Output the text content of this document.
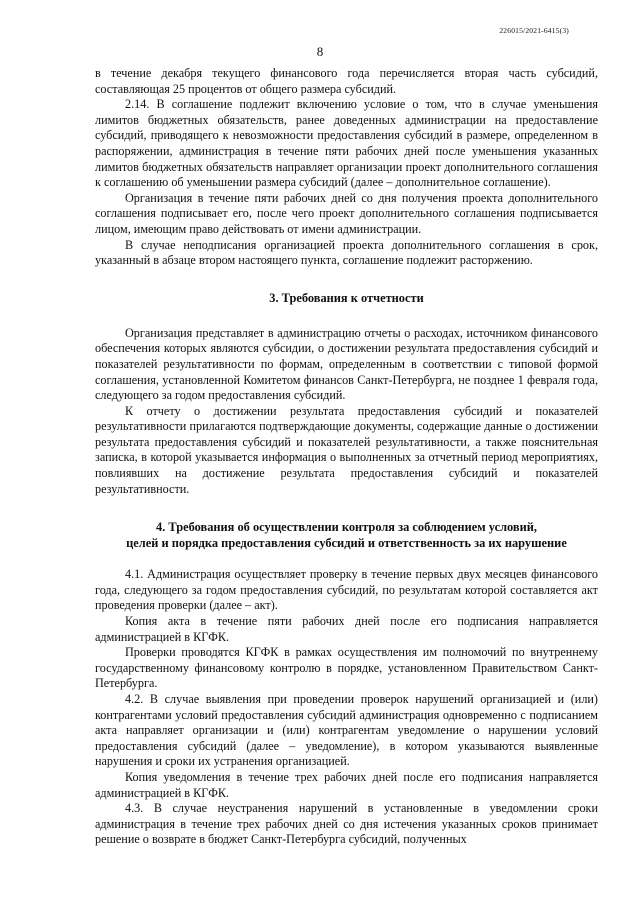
226015/2021-6415(3)
8

в течение декабря текущего финансового года перечисляется вторая часть субсидий, составляющая 25 процентов от общего размера субсидий.

2.14. В соглашение подлежит включению условие о том, что в случае уменьшения лимитов бюджетных обязательств, ранее доведенных администрации на предоставление субсидий, приводящего к невозможности предоставления субсидий в размере, определенном в распоряжении, администрация в течение пяти рабочих дней после уменьшения указанных лимитов бюджетных обязательств направляет организации проект дополнительного соглашения к соглашению об уменьшении размера субсидий (далее – дополнительное соглашение).

Организация в течение пяти рабочих дней со дня получения проекта дополнительного соглашения подписывает его, после чего проект дополнительного соглашения подписывается лицом, имеющим право действовать от имени администрации.

В случае неподписания организацией проекта дополнительного соглашения в срок, указанный в абзаце втором настоящего пункта, соглашение подлежит расторжению.

3. Требования к отчетности

Организация представляет в администрацию отчеты о расходах, источником финансового обеспечения которых являются субсидии, о достижении результата предоставления субсидий и показателей результативности по формам, определенным в соответствии с типовой формой соглашения, установленной Комитетом финансов Санкт-Петербурга, не позднее 1 февраля года, следующего за годом предоставления субсидий.

К отчету о достижении результата предоставления субсидий и показателей результативности прилагаются подтверждающие документы, содержащие данные о достижении результата предоставления субсидий и показателей результативности, а также пояснительная записка, в которой указывается информация о выполненных за отчетный период мероприятиях, повлиявших на достижение результата предоставления субсидий и показателей результативности.

4. Требования об осуществлении контроля за соблюдением условий,
целей и порядка предоставления субсидий и ответственность за их нарушение

4.1. Администрация осуществляет проверку в течение первых двух месяцев финансового года, следующего за годом предоставления субсидий, по результатам которой составляется акт проведения проверки (далее – акт).

Копия акта в течение пяти рабочих дней после его подписания направляется администрацией в КГФК.

Проверки проводятся КГФК в рамках осуществления им полномочий по внутреннему государственному финансовому контролю в порядке, установленном Правительством Санкт-Петербурга.

4.2. В случае выявления при проведении проверок нарушений организацией и (или) контрагентами условий предоставления субсидий администрация одновременно с подписанием акта направляет организации и (или) контрагентам уведомление о нарушении условий предоставления субсидий (далее – уведомление), в котором указываются выявленные нарушения и сроки их устранения организацией.

Копия уведомления в течение трех рабочих дней после его подписания направляется администрацией в КГФК.

4.3. В случае неустранения нарушений в установленные в уведомлении сроки администрация в течение трех рабочих дней со дня истечения указанных сроков принимает решение о возврате в бюджет Санкт-Петербурга субсидий, полученных
